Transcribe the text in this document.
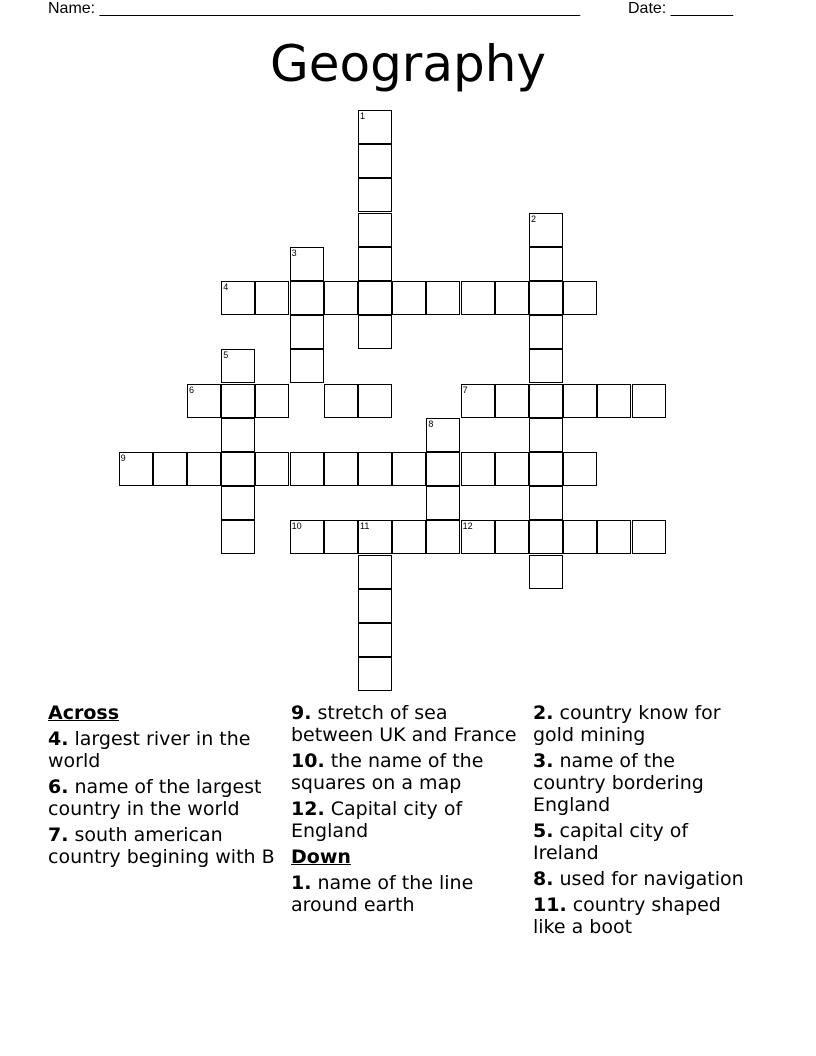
Name: ______________________________________________________	Date: _______
Geography
1
2
3
4
5
6	7
8
9
10	11	12
Across
4. largest river in the world
6. name of the largest country in the world
7. south american country begining with B
9. stretch of sea between UK and France
10. the name of the squares on a map
12. Capital city of England
Down
1. name of the line around earth
2. country know for gold mining
3. name of the country bordering England
5. capital city of Ireland
8. used for navigation
11. country shaped like a boot
